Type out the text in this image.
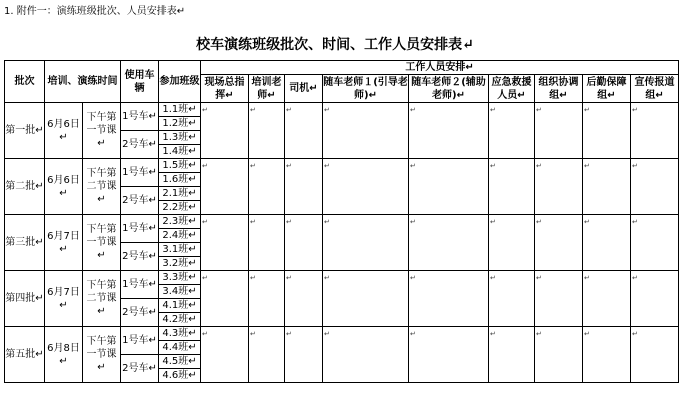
1. 附件一：演练班级批次、人员安排表↵
校车演练班级批次、时间、工作人员安排表↵
批次	培训、演练时间		使用车辆	参加班级	工作人员安排↵								
					现场总指挥↵	培训老师↵	司机↵	随车老师１(引导老师)↵	随车老师２(辅助老师)↵	应急救援人员↵	组织协调组↵	后勤保障组↵	宣传报道组↵
第一批↵	6月6日↵	下午第一节课↵	1号车↵	1.1班↵	↵	↵	↵	↵	↵	↵	↵	↵	↵
				1.2班↵									
			2号车↵	1.3班↵									
				1.4班↵									
第二批↵	6月6日↵	下午第二节课↵	1号车↵	1.5班↵	↵	↵	↵	↵	↵	↵	↵	↵	↵
				1.6班↵									
			2号车↵	2.1班↵									
				2.2班↵									
第三批↵	6月7日↵	下午第一节课↵	1号车↵	2.3班↵	↵	↵	↵	↵	↵	↵	↵	↵	↵
				2.4班↵									
			2号车↵	3.1班↵									
				3.2班↵									
第四批↵	6月7日↵	下午第二节课↵	1号车↵	3.3班↵	↵	↵	↵	↵	↵	↵	↵	↵	↵
				3.4班↵									
			2号车↵	4.1班↵									
				4.2班↵									
第五批↵	6月8日↵	下午第一节课↵	1号车↵	4.3班↵	↵	↵	↵	↵	↵	↵	↵	↵	↵
				4.4班↵									
			2号车↵	4.5班↵									
				4.6班↵									
